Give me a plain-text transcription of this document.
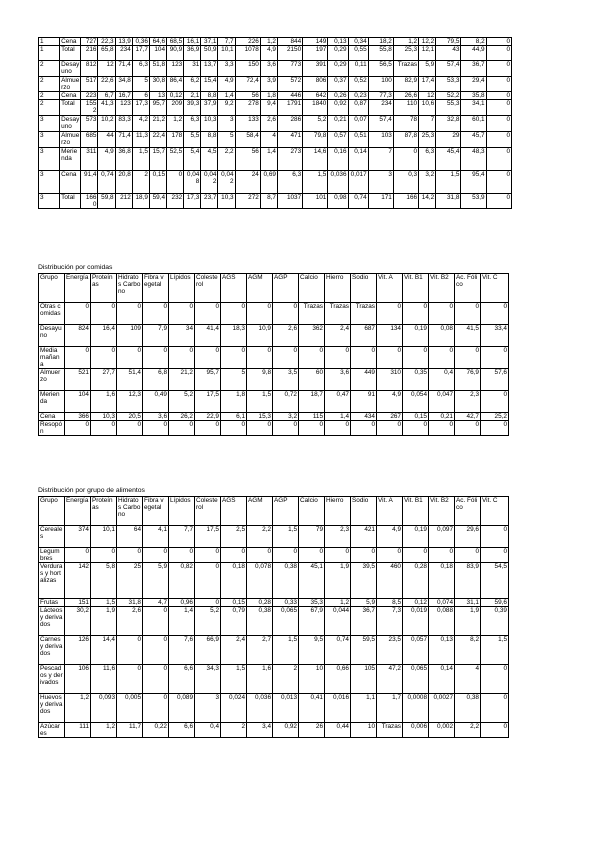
1	Cena	727	22,3	13,9	0,36	64,6	68,5	16,1	37,1	7,7	226	1,2	844	149	0,13	0,34	18,2	1,2	12,2	79,5	8,2	0
1	Total	216	65,8	234	17,7	104	90,9	36,9	50,9	10,1	1078	4,9	2150	197	0,29	0,55	55,8	25,3	12,1	43	44,9	0
2	Desayuno	812	12	71,4	6,3	51,8	123	31	13,7	3,3	150	3,6	773	391	0,29	0,11	56,5	Trazas	5,9	57,4	36,7	0
2	Almuerzo	517	22,6	34,8	5	30,8	86,4	6,2	15,4	4,9	72,4	3,9	572	806	0,37	0,52	100	82,9	17,4	53,3	29,4	0
2	Cena	223	6,7	16,7	6	13	0,12	2,1	8,8	1,4	56	1,8	446	642	0,26	0,23	77,3	26,6	12	52,2	35,8	0
2	Total	1552	41,3	123	17,3	95,7	209	39,3	37,9	9,2	278	9,4	1791	1840	0,92	0,87	234	110	10,6	55,3	34,1	0
3	Desayuno	573	10,2	83,3	4,2	21,2	1,2	6,3	10,3	3	133	2,6	286	5,2	0,21	0,07	57,4	78	7	32,8	60,1	0
3	Almuerzo	685	44	71,4	11,3	22,4	178	5,5	8,8	5	58,4	4	471	79,8	0,57	0,51	103	87,8	25,3	29	45,7	0
3	Merienda	311	4,9	36,8	1,5	15,7	52,5	5,4	4,5	2,2	56	1,4	273	14,6	0,16	0,14	7	0	6,3	45,4	48,3	0
3	Cena	91,4	0,74	20,8	2	0,15	0	0,048	0,042	0,042	24	0,69	6,3	1,5	0,036	0,017	3	0,3	3,2	1,5	95,4	0
3	Total	1660	59,8	212	18,9	59,4	232	17,3	23,7	10,3	272	8,7	1037	101	0,98	0,74	171	166	14,2	31,8	53,9	0
Distribución por comidas
Grupo	Energía	Proteínas	Hidratos Carbono	Fibra vegetal	Lípidos	Colesterol	AGS	AGM	AGP	Calcio	Hierro	Sodio	Vit. A	Vit. B1	Vit. B2	Ac. Fólico	Vit. C
Otras comidas	0	0	0	0	0	0	0	0	0	Trazas	Trazas	Trazas	0	0	0	0	0
Desayuno	824	16,4	109	7,9	34	41,4	18,3	10,9	2,6	362	2,4	687	134	0,19	0,08	41,5	33,4
Media mañana	0	0	0	0	0	0	0	0	0	0	0	0	0	0	0	0	0
Almuerzo	521	27,7	51,4	6,8	21,2	95,7	5	9,8	3,5	60	3,6	449	310	0,35	0,4	76,9	57,6
Merienda	104	1,6	12,3	0,49	5,2	17,5	1,8	1,5	0,72	18,7	0,47	91	4,9	0,054	0,047	2,3	0
Cena	366	10,3	20,5	3,6	26,2	22,9	6,1	15,3	3,2	115	1,4	434	267	0,15	0,21	42,7	25,2
Resopón	0	0	0	0	0	0	0	0	0	0	0	0	0	0	0	0	0
Distribución por grupo de alimentos
Grupo	Energía	Proteínas	Hidratos Carbono	Fibra vegetal	Lípidos	Colesterol	AGS	AGM	AGP	Calcio	Hierro	Sodio	Vit. A	Vit. B1	Vit. B2	Ac. Fólico	Vit. C
Cereales	374	10,1	64	4,1	7,7	17,5	2,5	2,2	1,5	79	2,3	421	4,9	0,19	0,097	29,6	0
Legumbres	0	0	0	0	0	0	0	0	0	0	0	0	0	0	0	0	0
Verduras y hortalizas	142	5,8	25	5,9	0,82	0	0,18	0,078	0,38	45,1	1,9	39,5	460	0,28	0,18	83,9	54,5
Frutas	151	1,5	31,8	4,7	0,96	0	0,15	0,28	0,33	35,3	1,2	5,9	8,5	0,12	0,074	31,1	59,6
Lácteos y derivados	30,2	1,9	2,6	0	1,4	5,2	0,79	0,38	0,065	67,9	0,044	36,7	7,3	0,019	0,088	1,9	0,39
Carnes y derivados	126	14,4	0	0	7,6	66,9	2,4	2,7	1,5	9,5	0,74	59,5	23,5	0,057	0,13	8,2	1,5
Pescados y derivados	106	11,6	0	0	6,6	34,3	1,5	1,6	2	10	0,66	105	47,2	0,065	0,14	4	0
Huevos y derivados	1,2	0,093	0,005	0	0,089	3	0,024	0,036	0,013	0,41	0,016	1,1	1,7	0,0008	0,0027	0,38	0
Azúcares	111	1,2	11,7	0,22	6,6	0,4	2	3,4	0,92	26	0,44	10	Trazas	0,006	0,002	2,2	0
